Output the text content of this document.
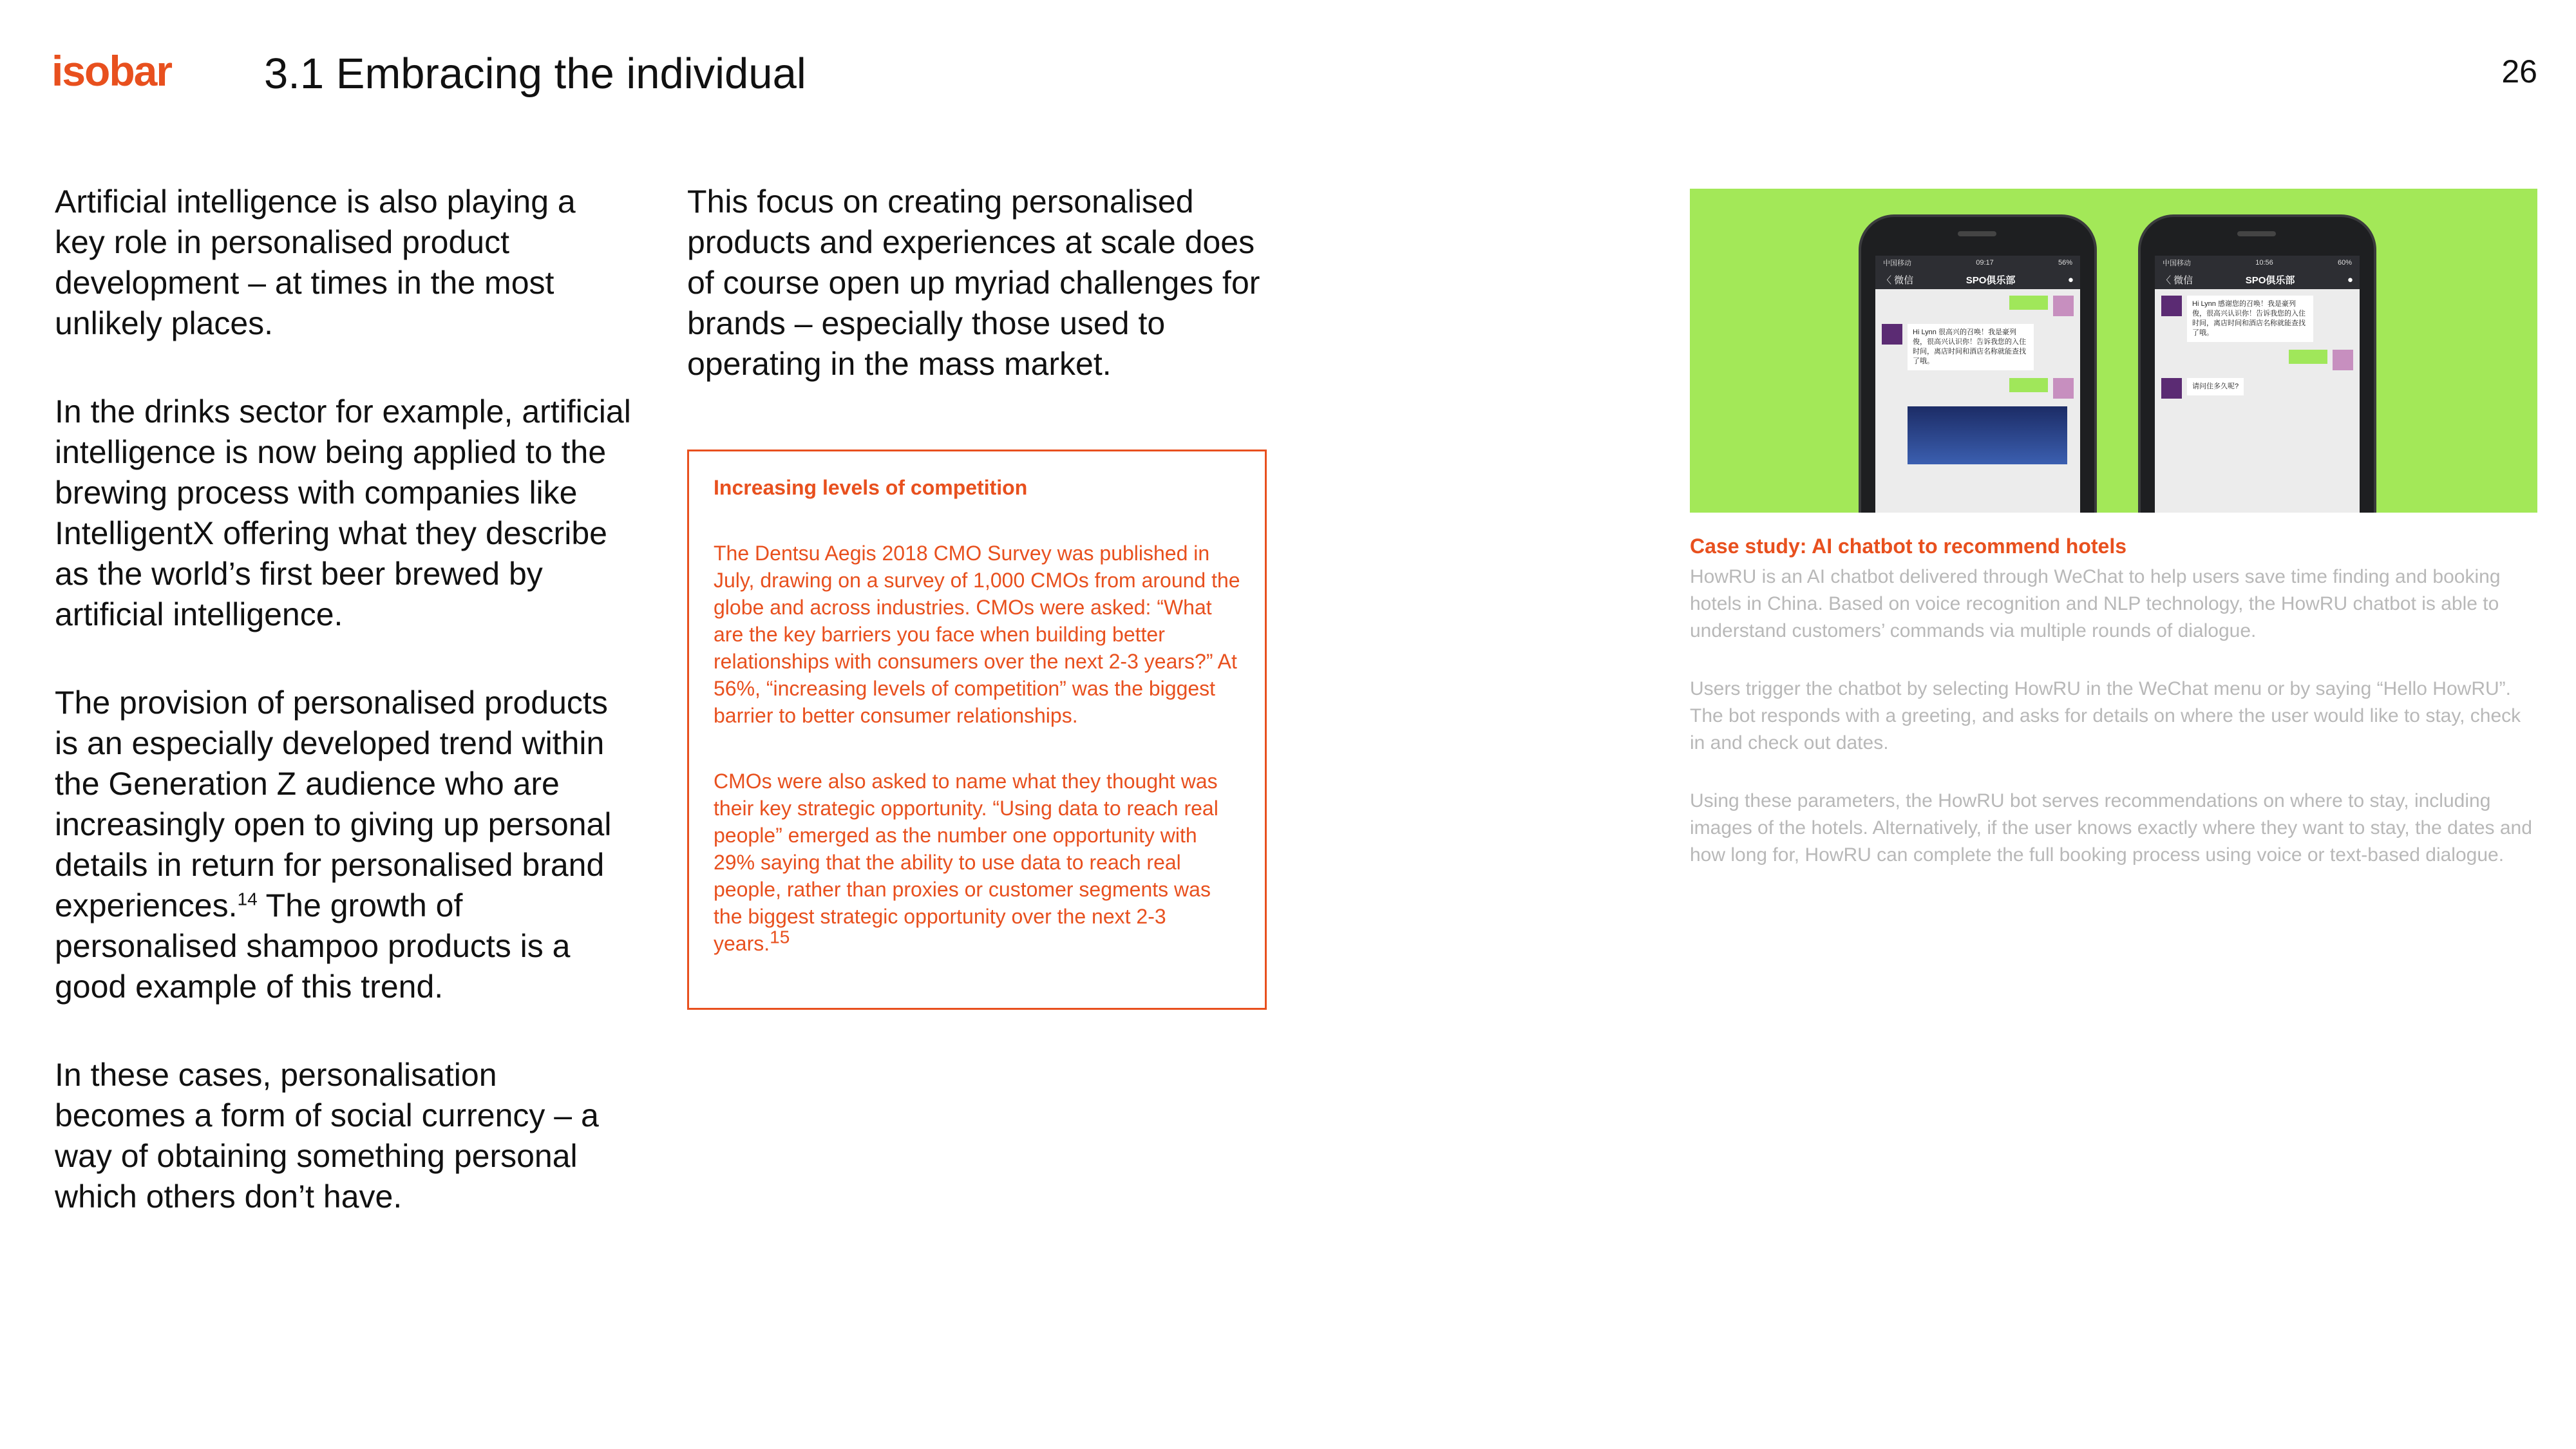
isobar 3.1 Embracing the individual	26

Artificial intelligence is also playing a key role in personalised product development – at times in the most unlikely places.

In the drinks sector for example, artificial intelligence is now being applied to the brewing process with companies like IntelligentX offering what they describe as the world’s first beer brewed by artificial intelligence.

The provision of personalised products is an especially developed trend within the Generation Z audience who are increasingly open to giving up personal details in return for personalised brand experiences.$^{14}$ The growth of personalised shampoo products is a good example of this trend.

In these cases, personalisation becomes a form of social currency – a way of obtaining something personal which others don’t have.

This focus on creating personalised products and experiences at scale does of course open up myriad challenges for brands – especially those used to operating in the mass market.

Increasing levels of competition

The Dentsu Aegis 2018 CMO Survey was published in July, drawing on a survey of 1,000 CMOs from around the globe and across industries. CMOs were asked: “What are the key barriers you face when building better relationships with consumers over the next 2-3 years?” At 56%, “increasing levels of competition” was the biggest barrier to better consumer relationships.

CMOs were also asked to name what they thought was their key strategic opportunity. “Using data to reach real people” emerged as the number one opportunity with 29% saying that the ability to use data to reach real people, rather than proxies or customer segments was the biggest strategic opportunity over the next 2-3 years.$^{15}$

中国移动	09:17	56%
〈 微信	SPO俱乐部	●
Hi Lynn 很高兴的召唤！我是豪列俊，很高兴认识你！告诉我您的入住时间，离店时间和酒店名称就能查找了哦。
中国移动	10:56	60%
〈 微信	SPO俱乐部	●
Hi Lynn 感谢您的召唤！我是豪列俊，很高兴认识你！告诉我您的入住时间，离店时间和酒店名称就能查找了哦。
请问住多久呢?
Case study: AI chatbot to recommend hotels

HowRU is an AI chatbot delivered through WeChat to help users save time finding and booking hotels in China. Based on voice recognition and NLP technology, the HowRU chatbot is able to understand customers’ commands via multiple rounds of dialogue.

Users trigger the chatbot by selecting HowRU in the WeChat menu or by saying “Hello HowRU”. The bot responds with a greeting, and asks for details on where the user would like to stay, check in and check out dates.

Using these parameters, the HowRU bot serves recommendations on where to stay, including images of the hotels. Alternatively, if the user knows exactly where they want to stay, the dates and how long for, HowRU can complete the full booking process using voice or text-based dialogue.
